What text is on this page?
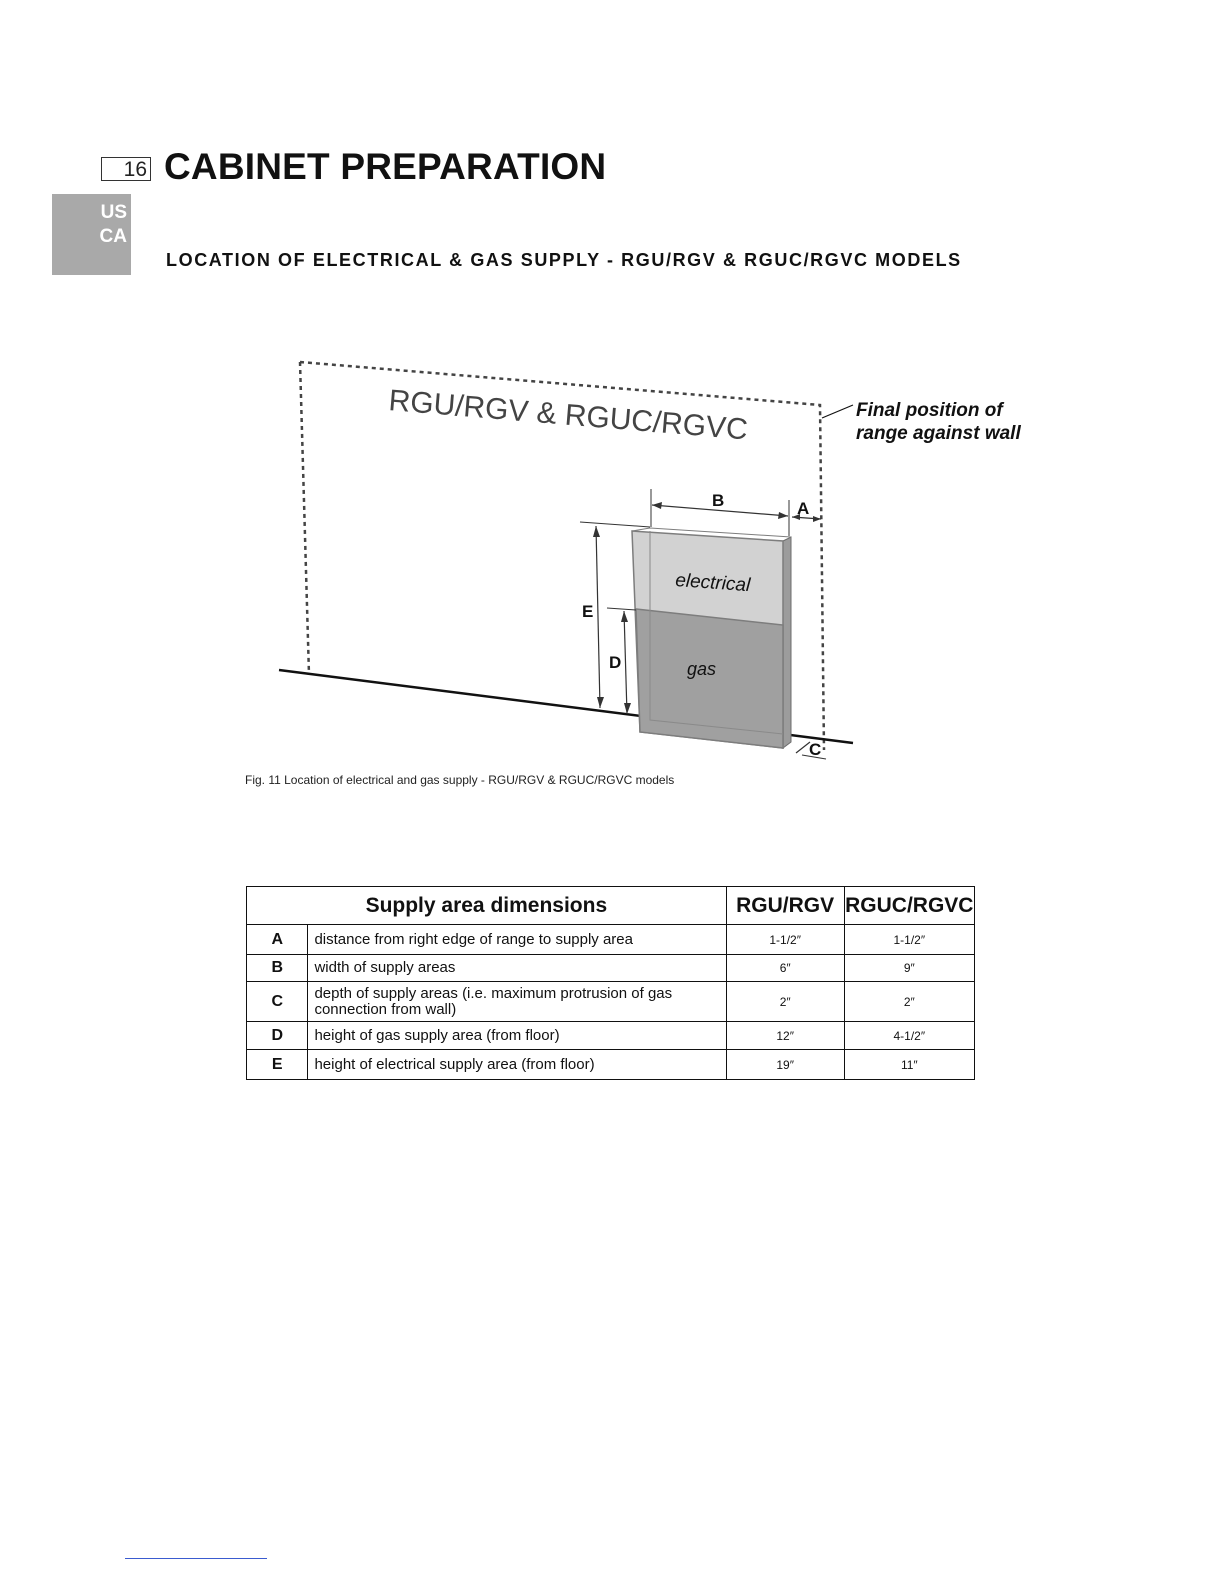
16 CABINET PREPARATION
US
CA
LOCATION OF ELECTRICAL & GAS SUPPLY - RGU/RGV & RGUC/RGVC MODELS
RGU/RGV & RGUC/RGVC	Final position of
range against wall
electrical
gas
A
B
C
D
E
Fig. 11 Location of electrical and gas supply - RGU/RGV & RGUC/RGVC models
Supply area dimensions		RGU/RGV	RGUC/RGVC
A	distance from right edge of range to supply area	1-1/2″	1-1/2″
B	width of supply areas	6″	9″
C	depth of supply areas (i.e. maximum protrusion of gas connection from wall)	2″	2″
D	height of gas supply area (from floor)	12″	4-1/2″
E	height of electrical supply area (from floor)	19″	11″
